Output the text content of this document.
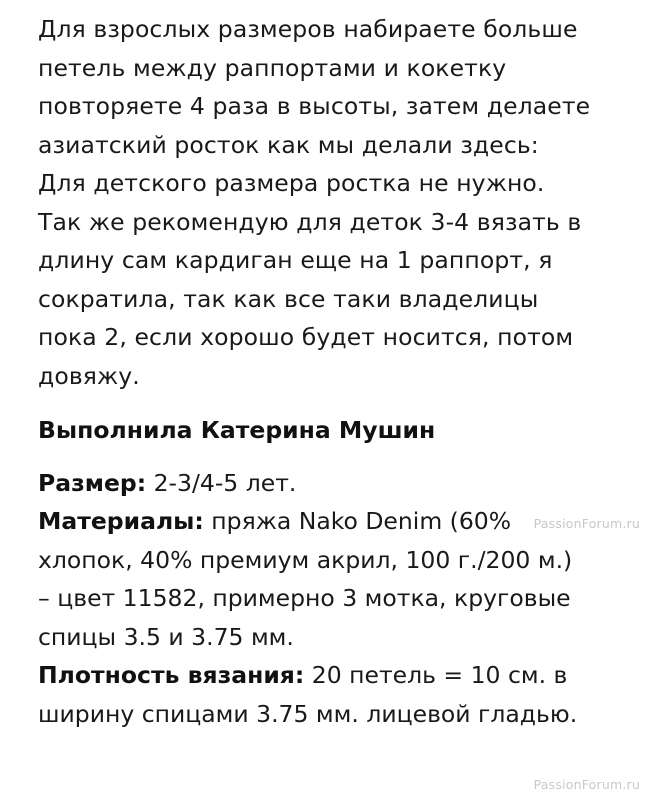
Для взрослых размеров набираете больше
петель между раппортами и кокетку
повторяете 4 раза в высоты, затем делаете
азиатский росток как мы делали здесь:
Для детского размера ростка не нужно.
Так же рекомендую для деток 3-4 вязать в
длину сам кардиган еще на 1 раппорт, я
сократила, так как все таки владелицы
пока 2, если хорошо будет носится, потом
довяжу.

Выполнила Катерина Мушин

Размер: 2-3/4-5 лет.
Материалы: пряжа Nako Denim (60%
хлопок, 40% премиум акрил, 100 г./200 м.)
– цвет 11582, примерно 3 мотка, круговые
спицы 3.5 и 3.75 мм.
Плотность вязания: 20 петель = 10 см. в
ширину спицами 3.75 мм. лицевой гладью.
PassionForum.ru
PassionForum.ru
